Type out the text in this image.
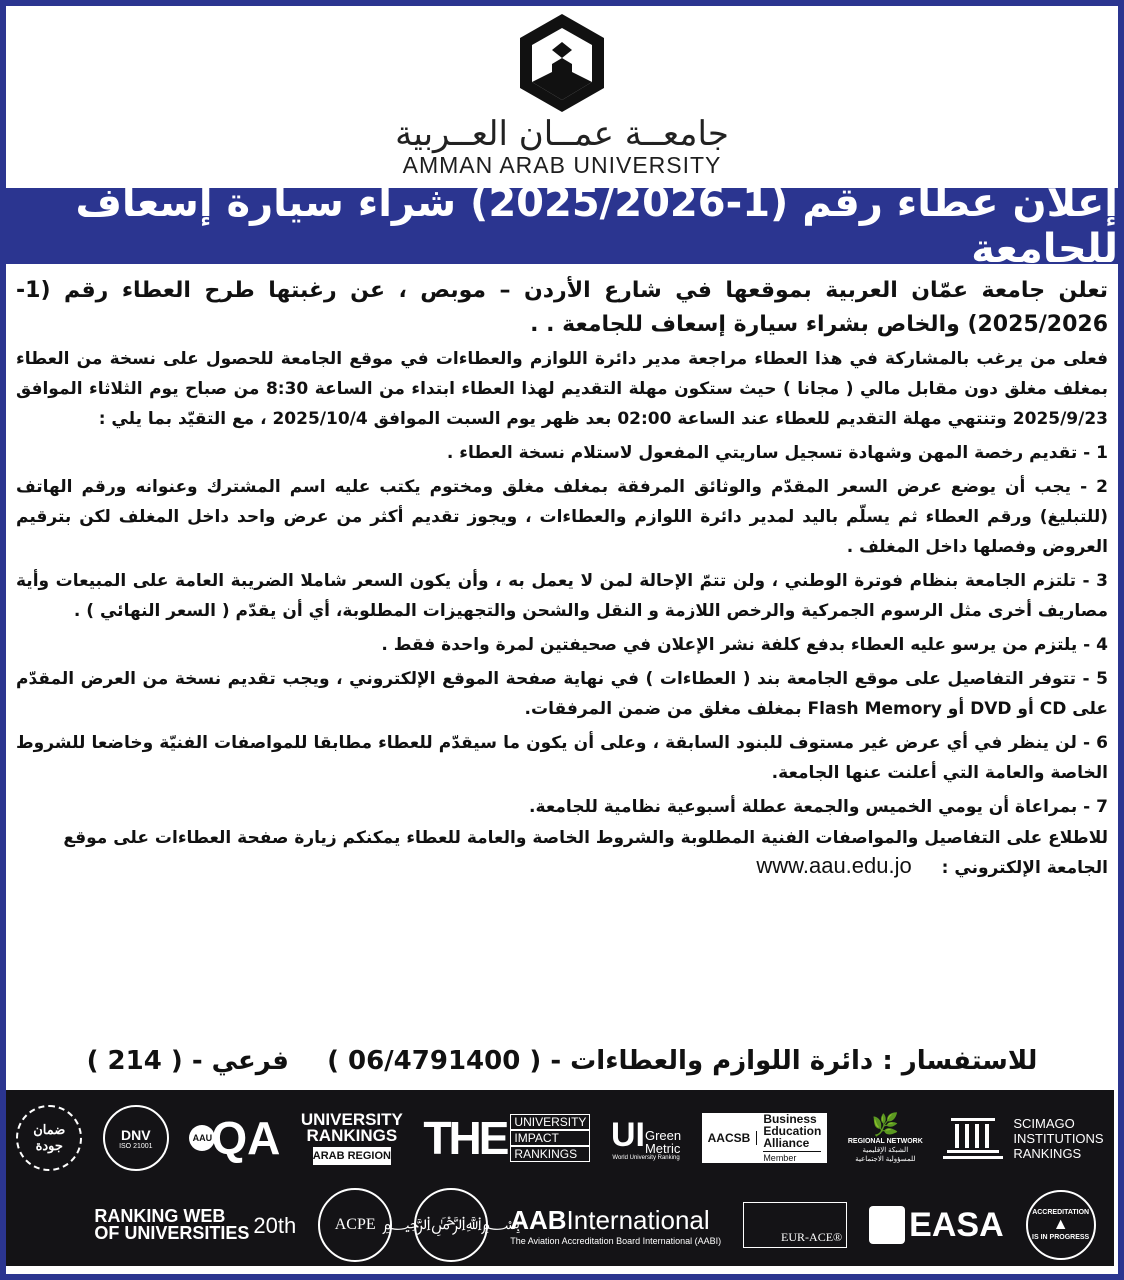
جامعــة عمــان العــربية
AMMAN ARAB UNIVERSITY
إعلان عطاء رقم (1-2025/2026) شراء سيارة إسعاف للجامعة

تعلن جامعة عمّان العربية بموقعها في شارع الأردن – موبص ، عن رغبتها طرح العطاء رقم (1-2025/2026) والخاص بشراء سيارة إسعاف للجامعة . .

فعلى من يرغب بالمشاركة في هذا العطاء مراجعة مدير دائرة اللوازم والعطاءات في موقع الجامعة للحصول على نسخة من العطاء بمغلف مغلق دون مقابل مالي ( مجانا ) حيث ستكون مهلة التقديم لهذا العطاء ابتداء من الساعة 8:30 من صباح يوم الثلاثاء الموافق 2025/9/23 وتنتهي مهلة التقديم للعطاء عند الساعة 02:00 بعد ظهر يوم السبت الموافق 2025/10/4 ، مع التقيّد بما يلي :

1 - تقديم رخصة المهن وشهادة تسجيل ساريتي المفعول لاستلام نسخة العطاء .

2 - يجب أن يوضع عرض السعر المقدّم والوثائق المرفقة بمغلف مغلق ومختوم يكتب عليه اسم المشترك وعنوانه ورقم الهاتف (للتبليغ) ورقم العطاء ثم يسلّم باليد لمدير دائرة اللوازم والعطاءات ، ويجوز تقديم أكثر من عرض واحد داخل المغلف لكن بترقيم العروض وفصلها داخل المغلف .

3 - تلتزم الجامعة بنظام فوترة الوطني ، ولن تتمّ الإحالة لمن لا يعمل به ، وأن يكون السعر شاملا الضريبة العامة على المبيعات وأية مصاريف أخرى مثل الرسوم الجمركية والرخص اللازمة و النقل والشحن والتجهيزات المطلوبة، أي أن يقدّم ( السعر النهائي ) .

4 - يلتزم من يرسو عليه العطاء بدفع كلفة نشر الإعلان في صحيفتين لمرة واحدة فقط .

5 - تتوفر التفاصيل على موقع الجامعة بند ( العطاءات ) في نهاية صفحة الموقع الإلكتروني ، ويجب تقديم نسخة من العرض المقدّم على CD أو DVD أو Flash Memory بمغلف مغلق من ضمن المرفقات.

6 - لن ينظر في أي عرض غير مستوف للبنود السابقة ، وعلى أن يكون ما سيقدّم للعطاء مطابقا للمواصفات الفنيّة وخاضعا للشروط الخاصة والعامة التي أعلنت عنها الجامعة.

7 - بمراعاة أن يومي الخميس والجمعة عطلة أسبوعية نظامية للجامعة.

للاطلاع على التفاصيل والمواصفات الفنية المطلوبة والشروط الخاصة والعامة للعطاء يمكنكم زيارة صفحة العطاءات على موقع الجامعة الإلكتروني : www.aau.edu.jo

للاستفسار : دائرة اللوازم والعطاءات - ( 06/4791400 )  فرعي - ( 214 )
ضمان جودة
DNV
ISO 21001
AAU QA UNIVERSITY
RANKINGS
ARAB REGION THE UNIVERSITY
IMPACT
RANKINGS
UI Green
Metric
World University Ranking
AACSB
Business
Education
Alliance
Member
🌿
REGIONAL NETWORK
الشبكة الإقليمية
للمسؤولية الاجتماعية
SCIMAGO
INSTITUTIONS
RANKINGS
RANKING WEB
OF UNIVERSITIES 20th ACPE ﷽
AABInternational
The Aviation Accreditation Board International (AABI)	EUR-ACE® EASA	ACCREDITATION
▲
IS IN PROGRESS
